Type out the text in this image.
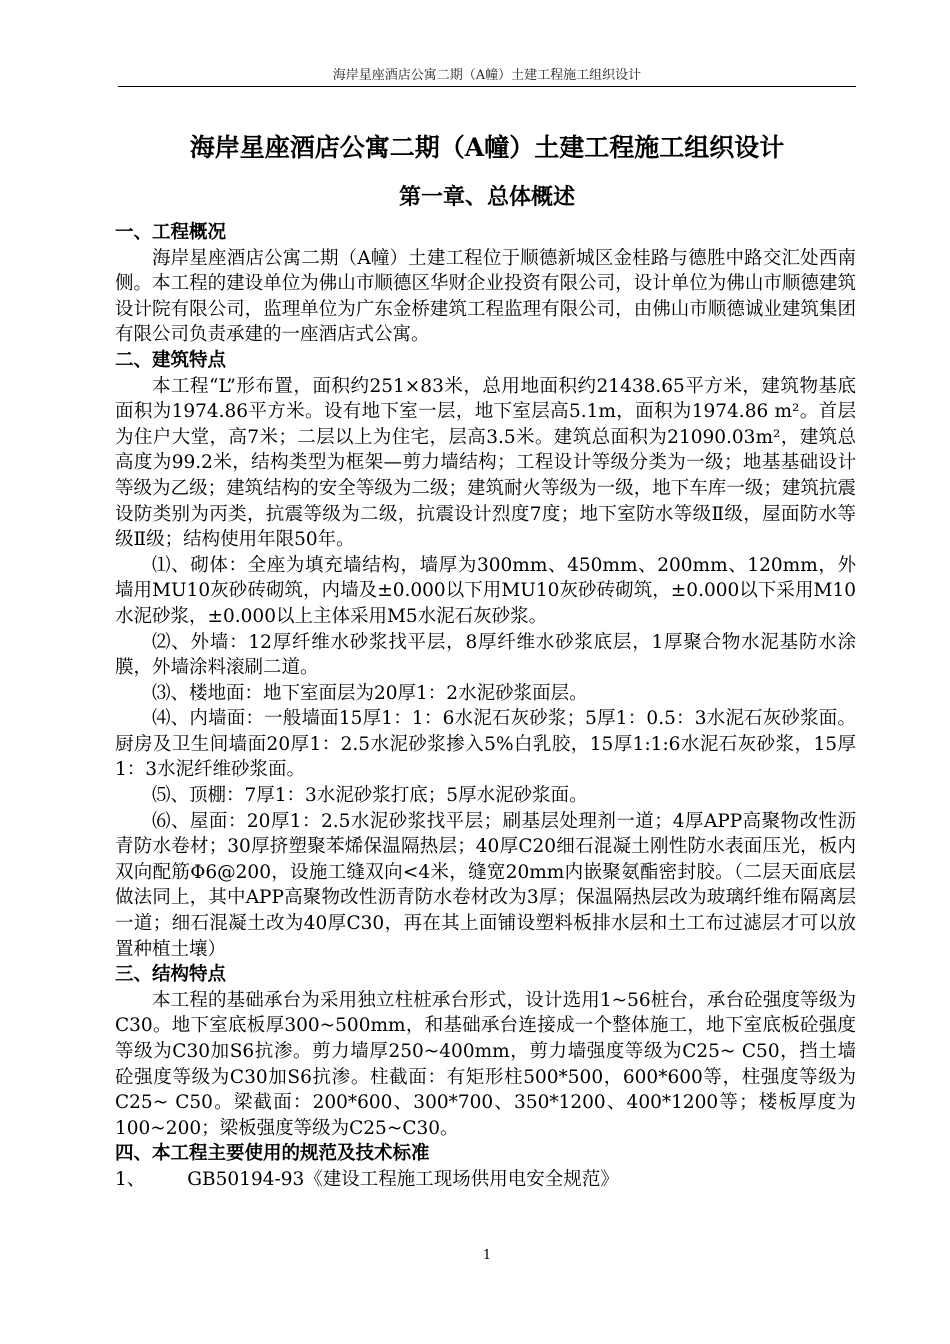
海岸星座酒店公寓二期（A幢）土建工程施工组织设计
海岸星座酒店公寓二期（A幢）土建工程施工组织设计
第一章、总体概述
一、工程概况

海岸星座酒店公寓二期（A幢）土建工程位于顺德新城区金桂路与德胜中路交汇处西南侧。本工程的建设单位为佛山市顺德区华财企业投资有限公司，设计单位为佛山市顺德建筑设计院有限公司，监理单位为广东金桥建筑工程监理有限公司，由佛山市顺德诚业建筑集团有限公司负责承建的一座酒店式公寓。

二、建筑特点

本工程“L”形布置，面积约251×83米，总用地面积约21438.65平方米，建筑物基底面积为1974.86平方米。设有地下室一层，地下室层高5.1m，面积为1974.86 m²。首层为住户大堂，高7米；二层以上为住宅，层高3.5米。建筑总面积为21090.03m²，建筑总高度为99.2米，结构类型为框架—剪力墙结构；工程设计等级分类为一级；地基基础设计等级为乙级；建筑结构的安全等级为二级；建筑耐火等级为一级，地下车库一级；建筑抗震设防类别为丙类，抗震等级为二级，抗震设计烈度7度；地下室防水等级Ⅱ级，屋面防水等级Ⅱ级；结构使用年限50年。

⑴、砌体：全座为填充墙结构，墙厚为300mm、450mm、200mm、120mm，外墙用MU10灰砂砖砌筑，内墙及±0.000以下用MU10灰砂砖砌筑，±0.000以下采用M10水泥砂浆，±0.000以上主体采用M5水泥石灰砂浆。

⑵、外墙：12厚纤维水砂浆找平层，8厚纤维水砂浆底层，1厚聚合物水泥基防水涂膜，外墙涂料滚刷二道。

⑶、楼地面：地下室面层为20厚1：2水泥砂浆面层。

⑷、内墙面：一般墙面15厚1：1：6水泥石灰砂浆；5厚1：0.5：3水泥石灰砂浆面。厨房及卫生间墙面20厚1：2.5水泥砂浆掺入5%白乳胶，15厚1:1:6水泥石灰砂浆，15厚1：3水泥纤维砂浆面。

⑸、顶棚：7厚1：3水泥砂浆打底；5厚水泥砂浆面。

⑹、屋面：20厚1：2.5水泥砂浆找平层；刷基层处理剂一道；4厚APP高聚物改性沥青防水卷材；30厚挤塑聚苯烯保温隔热层；40厚C20细石混凝土刚性防水表面压光，板内双向配筋Φ6@200，设施工缝双向<4米，缝宽20mm内嵌聚氨酯密封胶。（二层天面底层做法同上，其中APP高聚物改性沥青防水卷材改为3厚；保温隔热层改为玻璃纤维布隔离层一道；细石混凝土改为40厚C30，再在其上面铺设塑料板排水层和土工布过滤层才可以放置种植土壤）

三、结构特点

本工程的基础承台为采用独立柱桩承台形式，设计选用1~56桩台，承台砼强度等级为C30。地下室底板厚300~500mm，和基础承台连接成一个整体施工，地下室底板砼强度等级为C30加S6抗渗。剪力墙厚250~400mm，剪力墙强度等级为C25~ C50，挡土墙砼强度等级为C30加S6抗渗。柱截面：有矩形柱500*500，600*600等，柱强度等级为C25~ C50。梁截面：200*600、300*700、350*1200、400*1200等；楼板厚度为100~200；梁板强度等级为C25~C30。

四、本工程主要使用的规范及技术标准
1、 GB50194-93《建设工程施工现场供用电安全规范》
1
